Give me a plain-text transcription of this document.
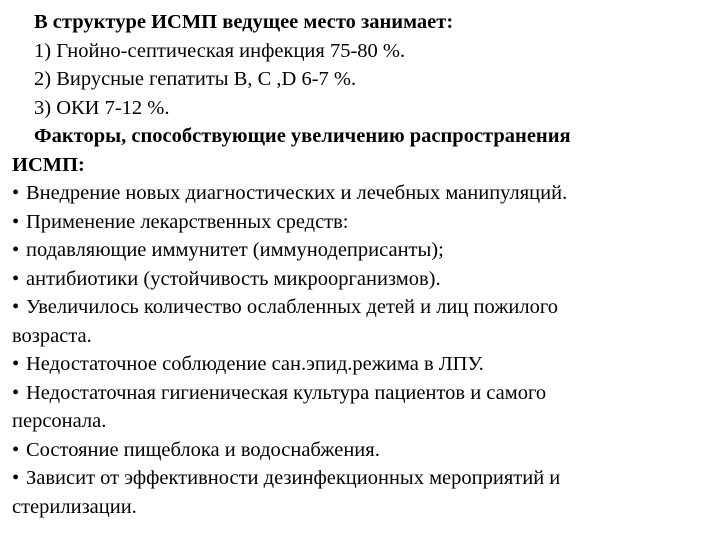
В структуре ИСМП ведущее место занимает:
1) Гнойно-септическая инфекция 75-80 %.
2) Вирусные гепатиты B, C ,D 6-7 %.
3) ОКИ 7-12 %.
Факторы, способствующие увеличению распространения
ИСМП:
• Внедрение новых диагностических и лечебных манипуляций.
• Применение лекарственных средств:
• подавляющие иммунитет (иммунодеприсанты);
• антибиотики (устойчивость микроорганизмов).
• Увеличилось количество ослабленных детей и лиц пожилого
возраста.
• Недостаточное соблюдение сан.эпид.режима в ЛПУ.
• Недостаточная гигиеническая культура пациентов и самого
персонала.
• Состояние пищеблока и водоснабжения.
• Зависит от эффективности дезинфекционных мероприятий и
стерилизации.
